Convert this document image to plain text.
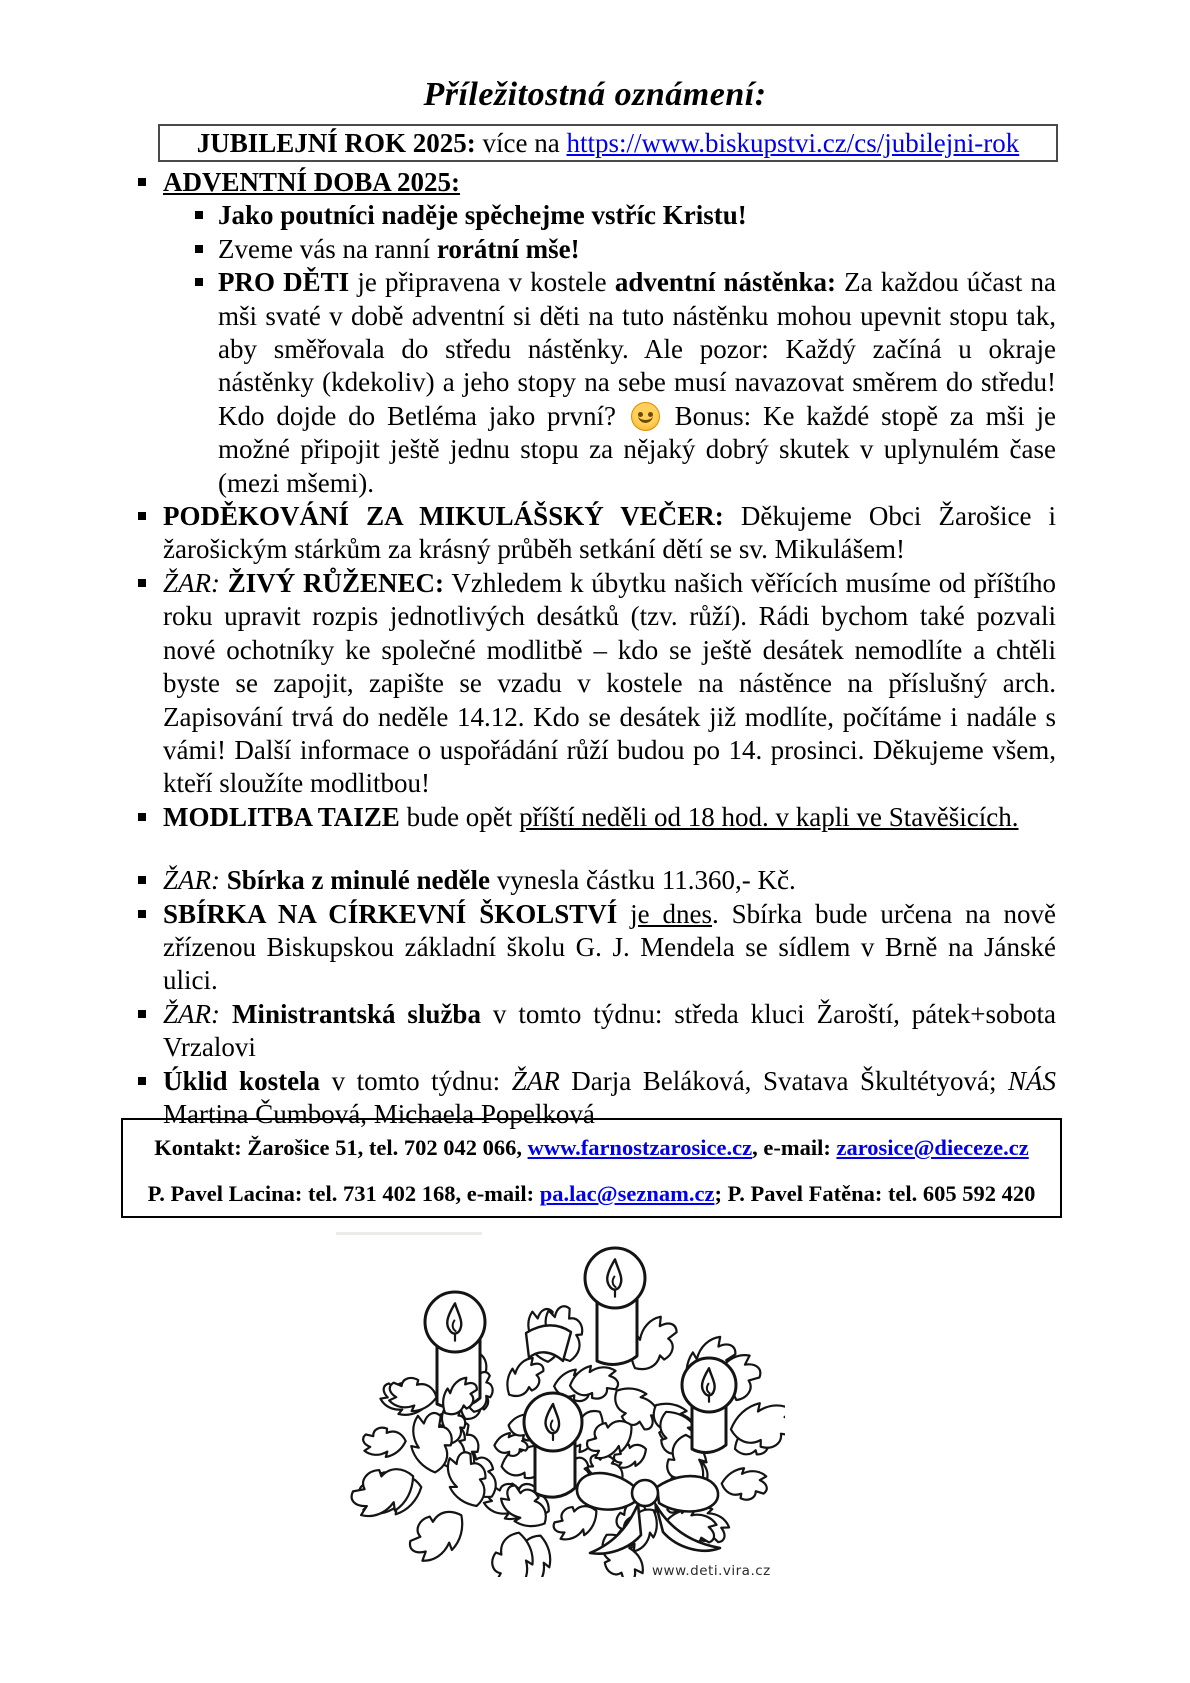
Příležitostná oznámení:
JUBILEJNÍ ROK 2025: více na https://www.biskupstvi.cz/cs/jubilejni-rok
ADVENTNÍ DOBA 2025:
Jako poutníci naděje spěchejme vstříc Kristu!
Zveme vás na ranní rorátní mše!
PRO DĚTI je připravena v kostele adventní nástěnka: Za každou účast na mši svaté v době adventní si děti na tuto nástěnku mohou upevnit stopu tak, aby směřovala do středu nástěnky. Ale pozor: Každý začíná u okraje nástěnky (kdekoliv) a jeho stopy na sebe musí navazovat směrem do středu! Kdo dojde do Betléma jako první?  Bonus: Ke každé stopě za mši je možné připojit ještě jednu stopu za nějaký dobrý skutek v uplynulém čase (mezi mšemi).
PODĚKOVÁNÍ ZA MIKULÁŠSKÝ VEČER: Děkujeme Obci Žarošice i žarošickým stárkům za krásný průběh setkání dětí se sv. Mikulášem!
ŽAR: ŽIVÝ RŮŽENEC: Vzhledem k úbytku našich věřících musíme od příštího roku upravit rozpis jednotlivých desátků (tzv. růží). Rádi bychom také pozvali nové ochotníky ke společné modlitbě – kdo se ještě desátek nemodlíte a chtěli byste se zapojit, zapište se vzadu v kostele na nástěnce na příslušný arch. Zapisování trvá do neděle 14.12. Kdo se desátek již modlíte, počítáme i nadále s vámi! Další informace o uspořádání růží budou po 14. prosinci. Děkujeme všem, kteří sloužíte modlitbou!
MODLITBA TAIZE bude opět příští neděli od 18 hod. v kapli ve Stavěšicích.
ŽAR: Sbírka z minulé neděle vynesla částku 11.360,- Kč.
SBÍRKA NA CÍRKEVNÍ ŠKOLSTVÍ je dnes. Sbírka bude určena na nově zřízenou Biskupskou základní školu G. J. Mendela se sídlem v Brně na Jánské ulici.
ŽAR: Ministrantská služba v tomto týdnu: středa kluci Žaroští, pátek+sobota Vrzalovi
Úklid kostela v tomto týdnu: ŽAR Darja Beláková, Svatava Škultétyová; NÁS Martina Čumbová, Michaela Popelková

Kontakt: Žarošice 51, tel. 702 042 066, www.farnostzarosice.cz, e-mail: zarosice@dieceze.cz

P. Pavel Lacina: tel. 731 402 168, e-mail: pa.lac@seznam.cz; P. Pavel Fatěna: tel. 605 592 420

www.deti.vira.cz
